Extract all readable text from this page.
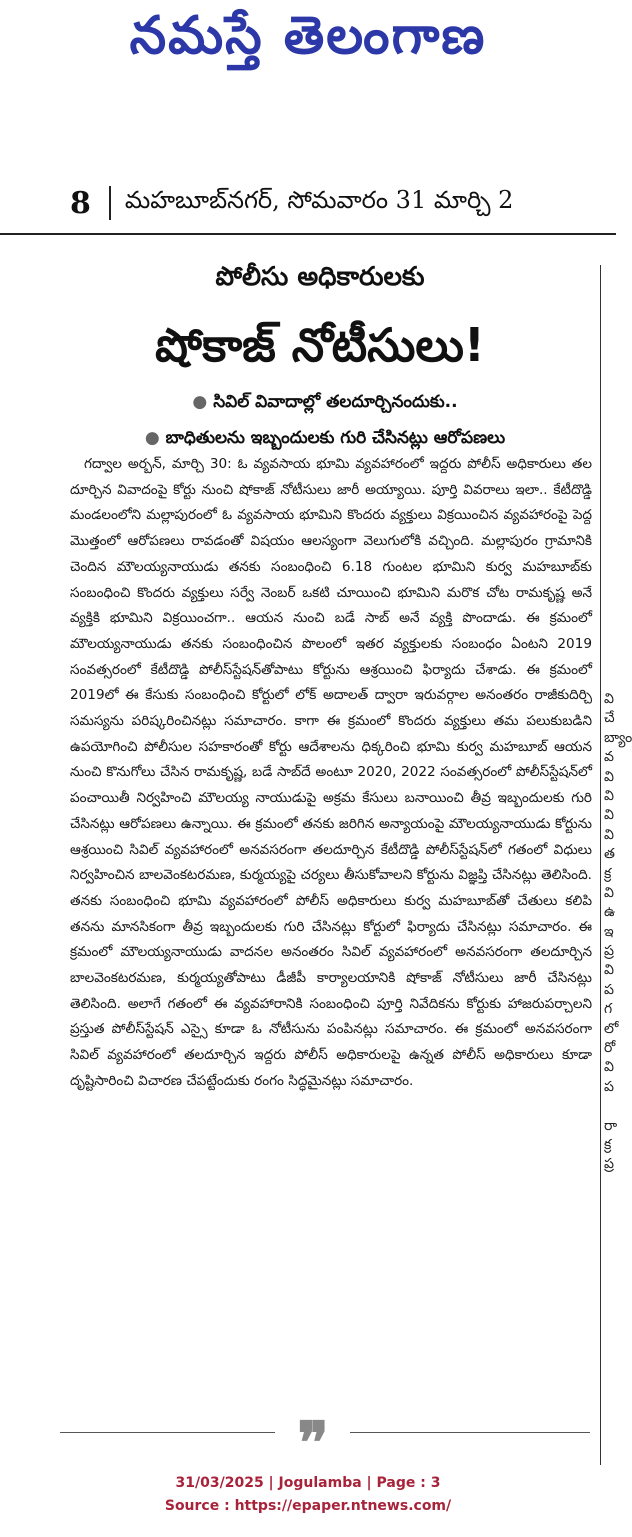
నమస్తే తెలంగాణ
8 మహబూబ్‌నగర్, సోమవారం 31 మార్చి 2
పోలీసు అధికారులకు
షోకాజ్ నోటీసులు!
● సివిల్ వివాదాల్లో తలదూర్చినందుకు..
● బాధితులను ఇబ్బందులకు గురి చేసినట్లు ఆరోపణలు
గద్వాల అర్బన్, మార్చి 30: ఓ వ్యవసాయ భూమి వ్యవహారంలో ఇద్దరు పోలీస్ అధికారులు తల దూర్చిన వివాదంపై కోర్టు నుంచి షోకాజ్ నోటీసులు జారీ అయ్యాయి. పూర్తి వివరాలు ఇలా.. కేటీదొడ్డి మండలంలోని మల్లాపురంలో ఓ వ్యవసాయ భూమిని కొందరు వ్యక్తులు విక్రయించిన వ్యవహారంపై పెద్ద మొత్తంలో ఆరోపణలు రావడంతో విషయం ఆలస్యంగా వెలుగులోకి వచ్చింది. మల్లాపురం గ్రామానికి చెందిన మౌలయ్యనాయుడు తనకు సంబంధించి 6.18 గుంటల భూమిని కుర్వ మహబూబ్‌కు సంబంధించి కొందరు వ్యక్తులు సర్వే నెంబర్ ఒకటి చూయించి భూమిని మరొక చోట రామకృష్ణ అనే వ్యక్తికి భూమిని విక్రయించగా.. ఆయన నుంచి బడే సాబ్ అనే వ్యక్తి పొందాడు. ఈ క్రమంలో మౌలయ్యనాయుడు తనకు సంబంధించిన పొలంలో ఇతర వ్యక్తులకు సంబంధం ఏంటని 2019 సంవత్సరంలో కేటీదొడ్డి పోలీస్‌స్టేషన్‌తోపాటు కోర్టును ఆశ్రయించి ఫిర్యాదు చేశాడు. ఈ క్రమంలో 2019లో ఈ కేసుకు సంబంధించి కోర్టులో లోక్ అదాలత్ ద్వారా ఇరువర్గాల అనంతరం రాజీకుదిర్చి సమస్యను పరిష్కరించినట్లు సమాచారం. కాగా ఈ క్రమంలో కొందరు వ్యక్తులు తమ పలుకుబడిని ఉపయోగించి పోలీసుల సహకారంతో కోర్టు ఆదేశాలను ధిక్కరించి భూమి కుర్వ మహబూబ్ ఆయన నుంచి కొనుగోలు చేసిన రామకృష్ణ, బడే సాబ్‌దే అంటూ 2020, 2022 సంవత్సరంలో పోలీస్‌స్టేషన్‌లో పంచాయితీ నిర్వహించి మౌలయ్య నాయుడుపై అక్రమ కేసులు బనాయించి తీవ్ర ఇబ్బందులకు గురి చేసినట్లు ఆరోపణలు ఉన్నాయి. ఈ క్రమంలో తనకు జరిగిన అన్యాయంపై మౌలయ్యనాయుడు కోర్టును ఆశ్రయించి సివిల్ వ్యవహారంలో అనవసరంగా తలదూర్చిన కేటీదొడ్డి పోలీస్‌స్టేషన్‌లో గతంలో విధులు నిర్వహించిన బాలవెంకటరమణ, కుర్మయ్యపై చర్యలు తీసుకోవాలని కోర్టును విజ్ఞప్తి చేసినట్లు తెలిసింది. తనకు సంబంధించి భూమి వ్యవహారంలో పోలీస్ అధికారులు కుర్వ మహబూబ్‌తో చేతులు కలిపి తనను మానసికంగా తీవ్ర ఇబ్బందులకు గురి చేసినట్లు కోర్టులో ఫిర్యాదు చేసినట్లు సమాచారం. ఈ క్రమంలో మౌలయ్యనాయుడు వాదనల అనంతరం సివిల్ వ్యవహారంలో అనవసరంగా తలదూర్చిన బాలవెంకటరమణ, కుర్మయ్యతోపాటు డీజీపీ కార్యాలయానికి షోకాజ్ నోటీసులు జారీ చేసినట్లు తెలిసింది. అలాగే గతంలో ఈ వ్యవహారానికి సంబంధించి పూర్తి నివేదికను కోర్టుకు హాజరుపర్చాలని ప్రస్తుత పోలీస్‌స్టేషన్ ఎస్సై కూడా ఓ నోటీసును పంపినట్లు సమాచారం. ఈ క్రమంలో అనవసరంగా సివిల్ వ్యవహారంలో తలదూర్చిన ఇద్దరు పోలీస్ అధికారులపై ఉన్నత పోలీస్ అధికారులు కూడా దృష్టిసారించి విచారణ చేపట్టేందుకు రంగం సిద్ధమైనట్లు సమాచారం.
❞
వి
చే
బ్యాం
వ
వి
వి
వి
వి
త
క్ర
వి
ఉ
ఇ
ప్ర
వి
ప
గ
లో
రో
వి
ప
రా
క్ర
ప్ర
31/03/2025 | Jogulamba | Page : 3
Source : https://epaper.ntnews.com/
